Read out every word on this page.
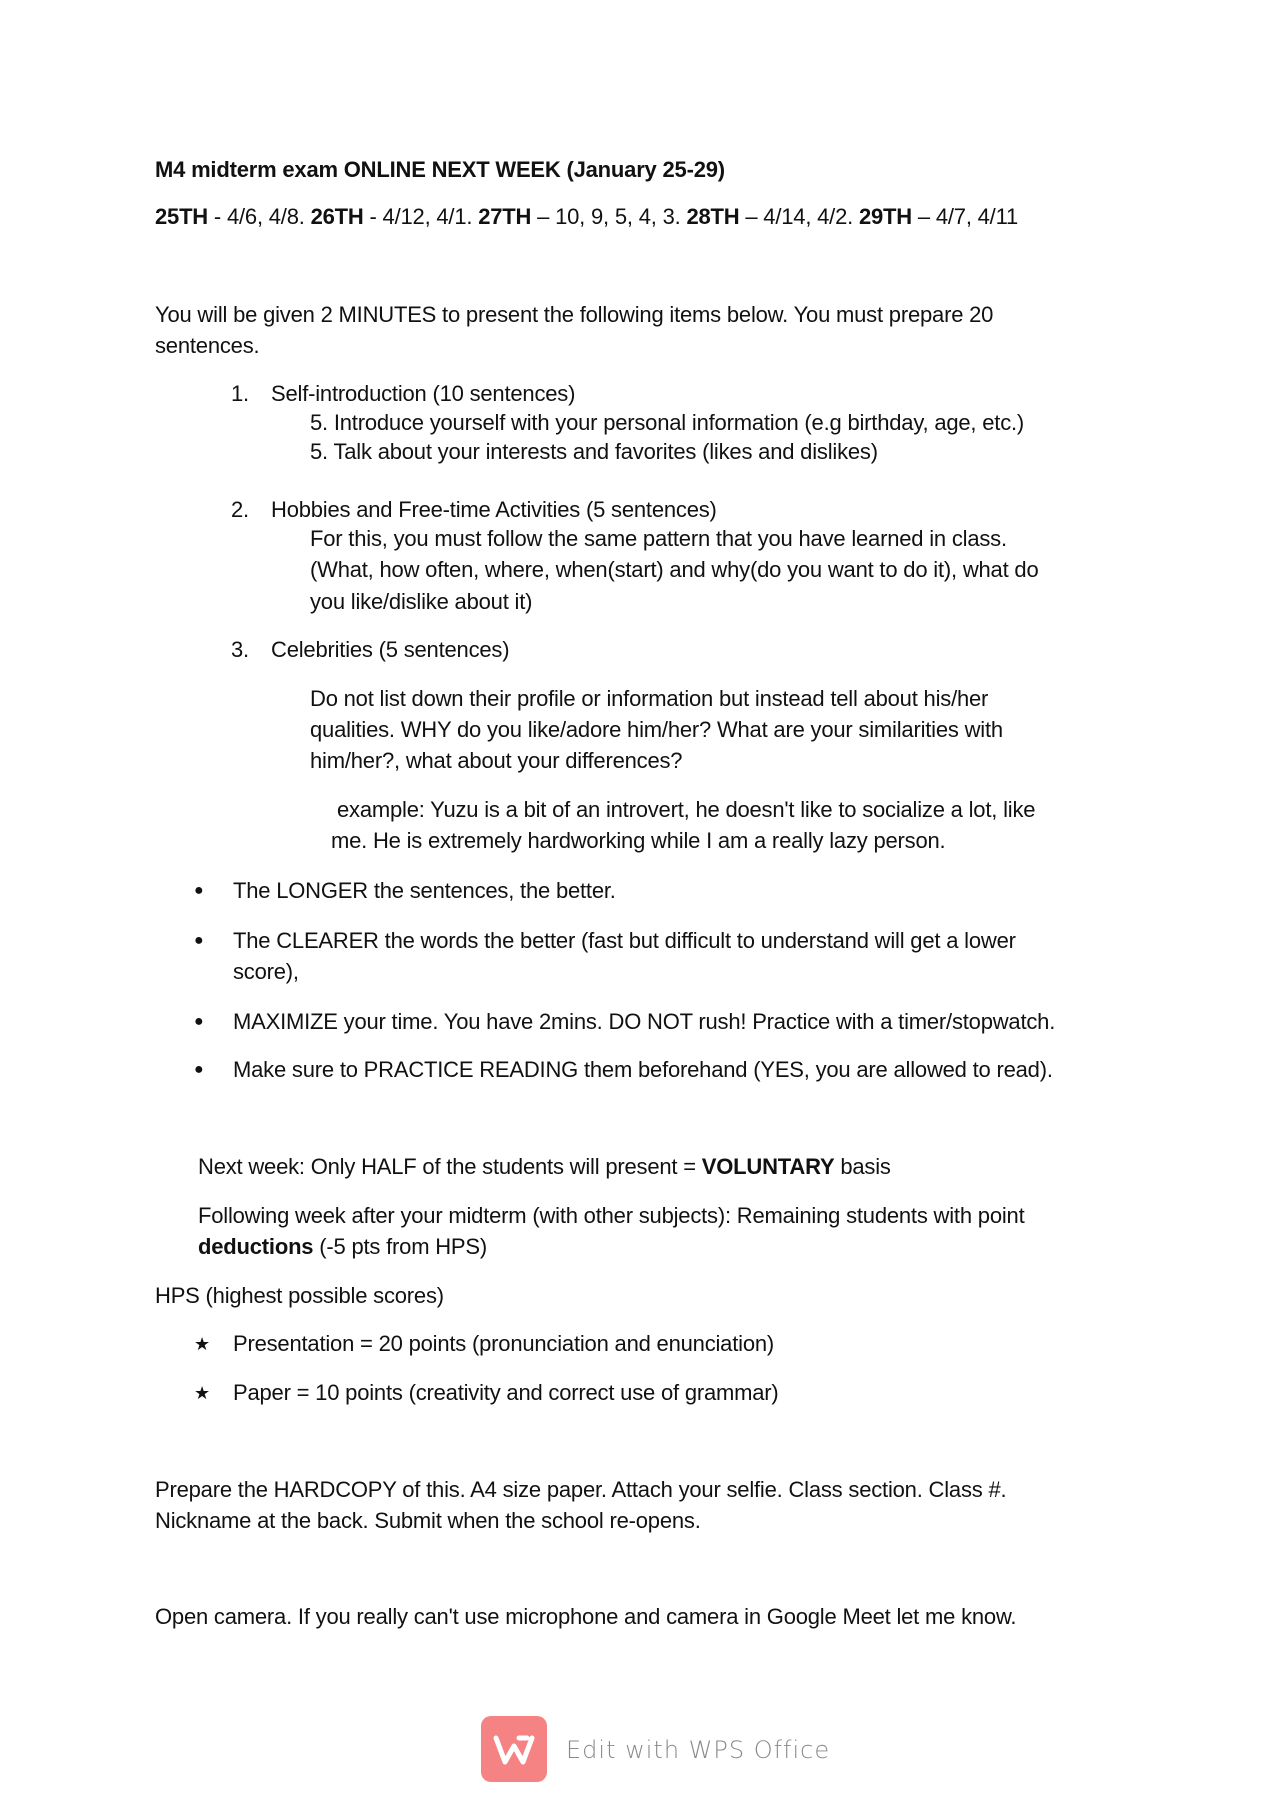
M4 midterm exam ONLINE NEXT WEEK (January 25-29)
25TH - 4/6, 4/8. 26TH - 4/12, 4/1. 27TH – 10, 9, 5, 4, 3. 28TH – 4/14, 4/2. 29TH – 4/7, 4/11
You will be given 2 MINUTES to present the following items below. You must prepare 20
sentences.
1. Self-introduction (10 sentences)
5. Introduce yourself with your personal information (e.g birthday, age, etc.)
5. Talk about your interests and favorites (likes and dislikes)
2. Hobbies and Free-time Activities (5 sentences)
For this, you must follow the same pattern that you have learned in class.
(What, how often, where, when(start) and why(do you want to do it), what do
you like/dislike about it)
3. Celebrities (5 sentences)
Do not list down their profile or information but instead tell about his/her
qualities. WHY do you like/adore him/her? What are your similarities with
him/her?, what about your differences?
example: Yuzu is a bit of an introvert, he doesn't like to socialize a lot, like
me. He is extremely hardworking while I am a really lazy person.
● The LONGER the sentences, the better.
● The CLEARER the words the better (fast but difficult to understand will get a lower
score),
● MAXIMIZE your time. You have 2mins. DO NOT rush! Practice with a timer/stopwatch.
● Make sure to PRACTICE READING them beforehand (YES, you are allowed to read).
Next week: Only HALF of the students will present = VOLUNTARY basis
Following week after your midterm (with other subjects): Remaining students with point
deductions (-5 pts from HPS)
HPS (highest possible scores)
★ Presentation = 20 points (pronunciation and enunciation)
★ Paper = 10 points (creativity and correct use of grammar)
Prepare the HARDCOPY of this. A4 size paper. Attach your selfie. Class section. Class #.
Nickname at the back. Submit when the school re-opens.
Open camera. If you really can't use microphone and camera in Google Meet let me know.
Edit with WPS Office
